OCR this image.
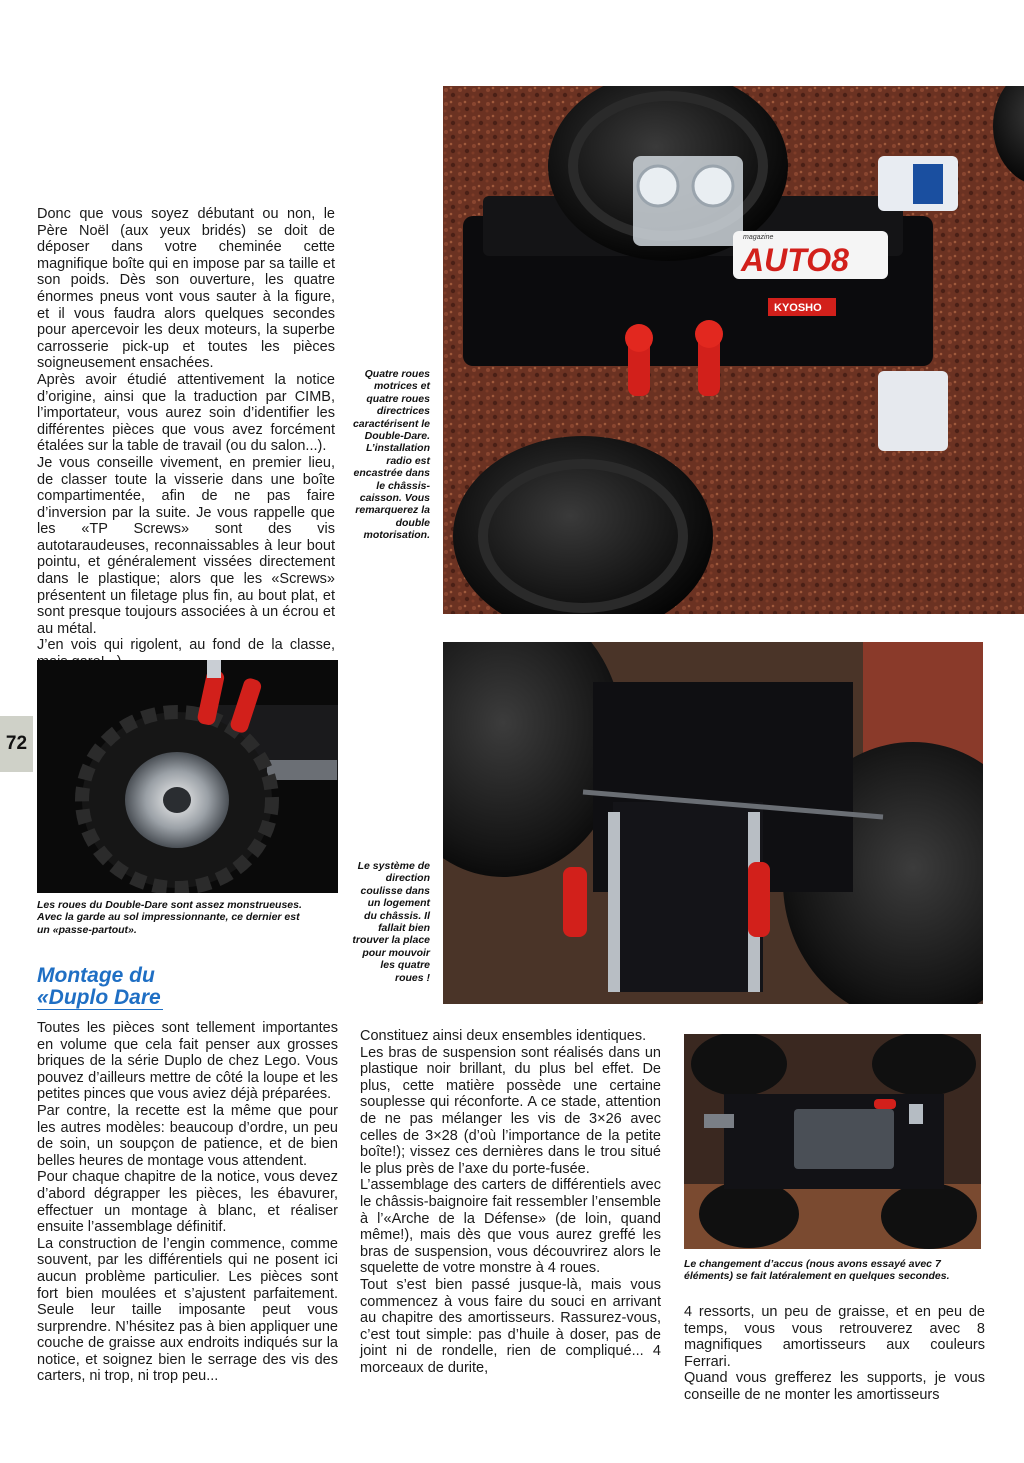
72

Donc que vous soyez débutant ou non, le Père Noël (aux yeux bridés) se doit de déposer dans votre cheminée cette magnifique boîte qui en impose par sa taille et son poids. Dès son ouverture, les quatre énormes pneus vont vous sauter à la figure, et il vous faudra alors quelques secondes pour apercevoir les deux moteurs, la superbe carrosserie pick-up et toutes les pièces soigneusement ensachées.

Après avoir étudié attentivement la notice d’origine, ainsi que la traduction par CIMB, l’importateur, vous aurez soin d’identifier les différentes pièces que vous avez forcément étalées sur la table de travail (ou du salon...).

Je vous conseille vivement, en premier lieu, de classer toute la visserie dans une boîte compartimentée, afin de ne pas faire d’inversion par la suite. Je vous rappelle que les «TP Screws» sont des vis autotaraudeuses, reconnaissables à leur bout pointu, et généralement vissées directement dans le plastique; alors que les «Screws» présentent un filetage plus fin, au bout plat, et sont presque toujours associées à un écrou et au métal.

J’en vois qui rigolent, au fond de la classe,

magazine
AUTO8
KYOSHO
Quatre roues motrices et quatre roues directrices caractérisent le Double-Dare. L’installation radio est encastrée dans le châssis-caisson. Vous remarquerez la double motorisation.
Les roues du Double-Dare sont assez monstrueuses. Avec la garde au sol impressionnante, ce dernier est un «passe-partout».
Montage du
«Duplo Dare

Toutes les pièces sont tellement importantes en volume que cela fait penser aux grosses briques de la série Duplo de chez Lego. Vous pouvez d’ailleurs mettre de côté la loupe et les petites pinces que vous aviez déjà préparées.

Par contre, la recette est la même que pour les autres modèles: beaucoup d’ordre, un peu de soin, un soupçon de patience, et de bien belles heures de montage vous attendent.

Pour chaque chapitre de la notice, vous devez d’abord dégrapper les pièces, les ébavurer, effectuer un montage à blanc, et réaliser ensuite l’assemblage définitif.

La construction de l’engin commence, comme souvent, par les différentiels qui ne posent ici aucun problème particulier. Les pièces sont fort bien moulées et s’ajustent parfaitement. Seule leur taille imposante peut vous surprendre. N’hésitez pas à bien appliquer une couche de graisse aux endroits indiqués sur la notice, et soignez bien le serrage des vis des carters, ni trop, ni trop peu...

Le système de direction coulisse dans un logement du châssis. Il fallait bien trouver la place pour mouvoir les quatre roues !

Constituez ainsi deux ensembles identiques.

Les bras de suspension sont réalisés dans un plastique noir brillant, du plus bel effet. De plus, cette matière possède une certaine souplesse qui réconforte. A ce stade, attention de ne pas mélanger les vis de 3×26 avec celles de 3×28 (d’où l’importance de la petite boîte!); vissez ces dernières dans le trou situé le plus près de l’axe du porte-fusée.

L’assemblage des carters de différentiels avec le châssis-baignoire fait ressembler l’ensemble à l’«Arche de la Défense» (de loin, quand même!), mais dès que vous aurez greffé les bras de suspension, vous découvrirez alors le squelette de votre monstre à 4 roues.

Tout s’est bien passé jusque-là, mais vous commencez à vous faire du souci en arrivant au chapitre des amortisseurs. Rassurez-vous, c’est tout simple: pas d’huile à doser, pas de joint ni de rondelle, rien de compliqué... 4 morceaux de durite,

Le changement d’accus (nous avons essayé avec 7 éléments) se fait latéralement en quelques secondes.

4 ressorts, un peu de graisse, et en peu de temps, vous vous retrouverez avec 8 magnifiques amortisseurs aux couleurs Ferrari.

Quand vous grefferez les supports, je vous conseille de ne monter les amortisseurs
